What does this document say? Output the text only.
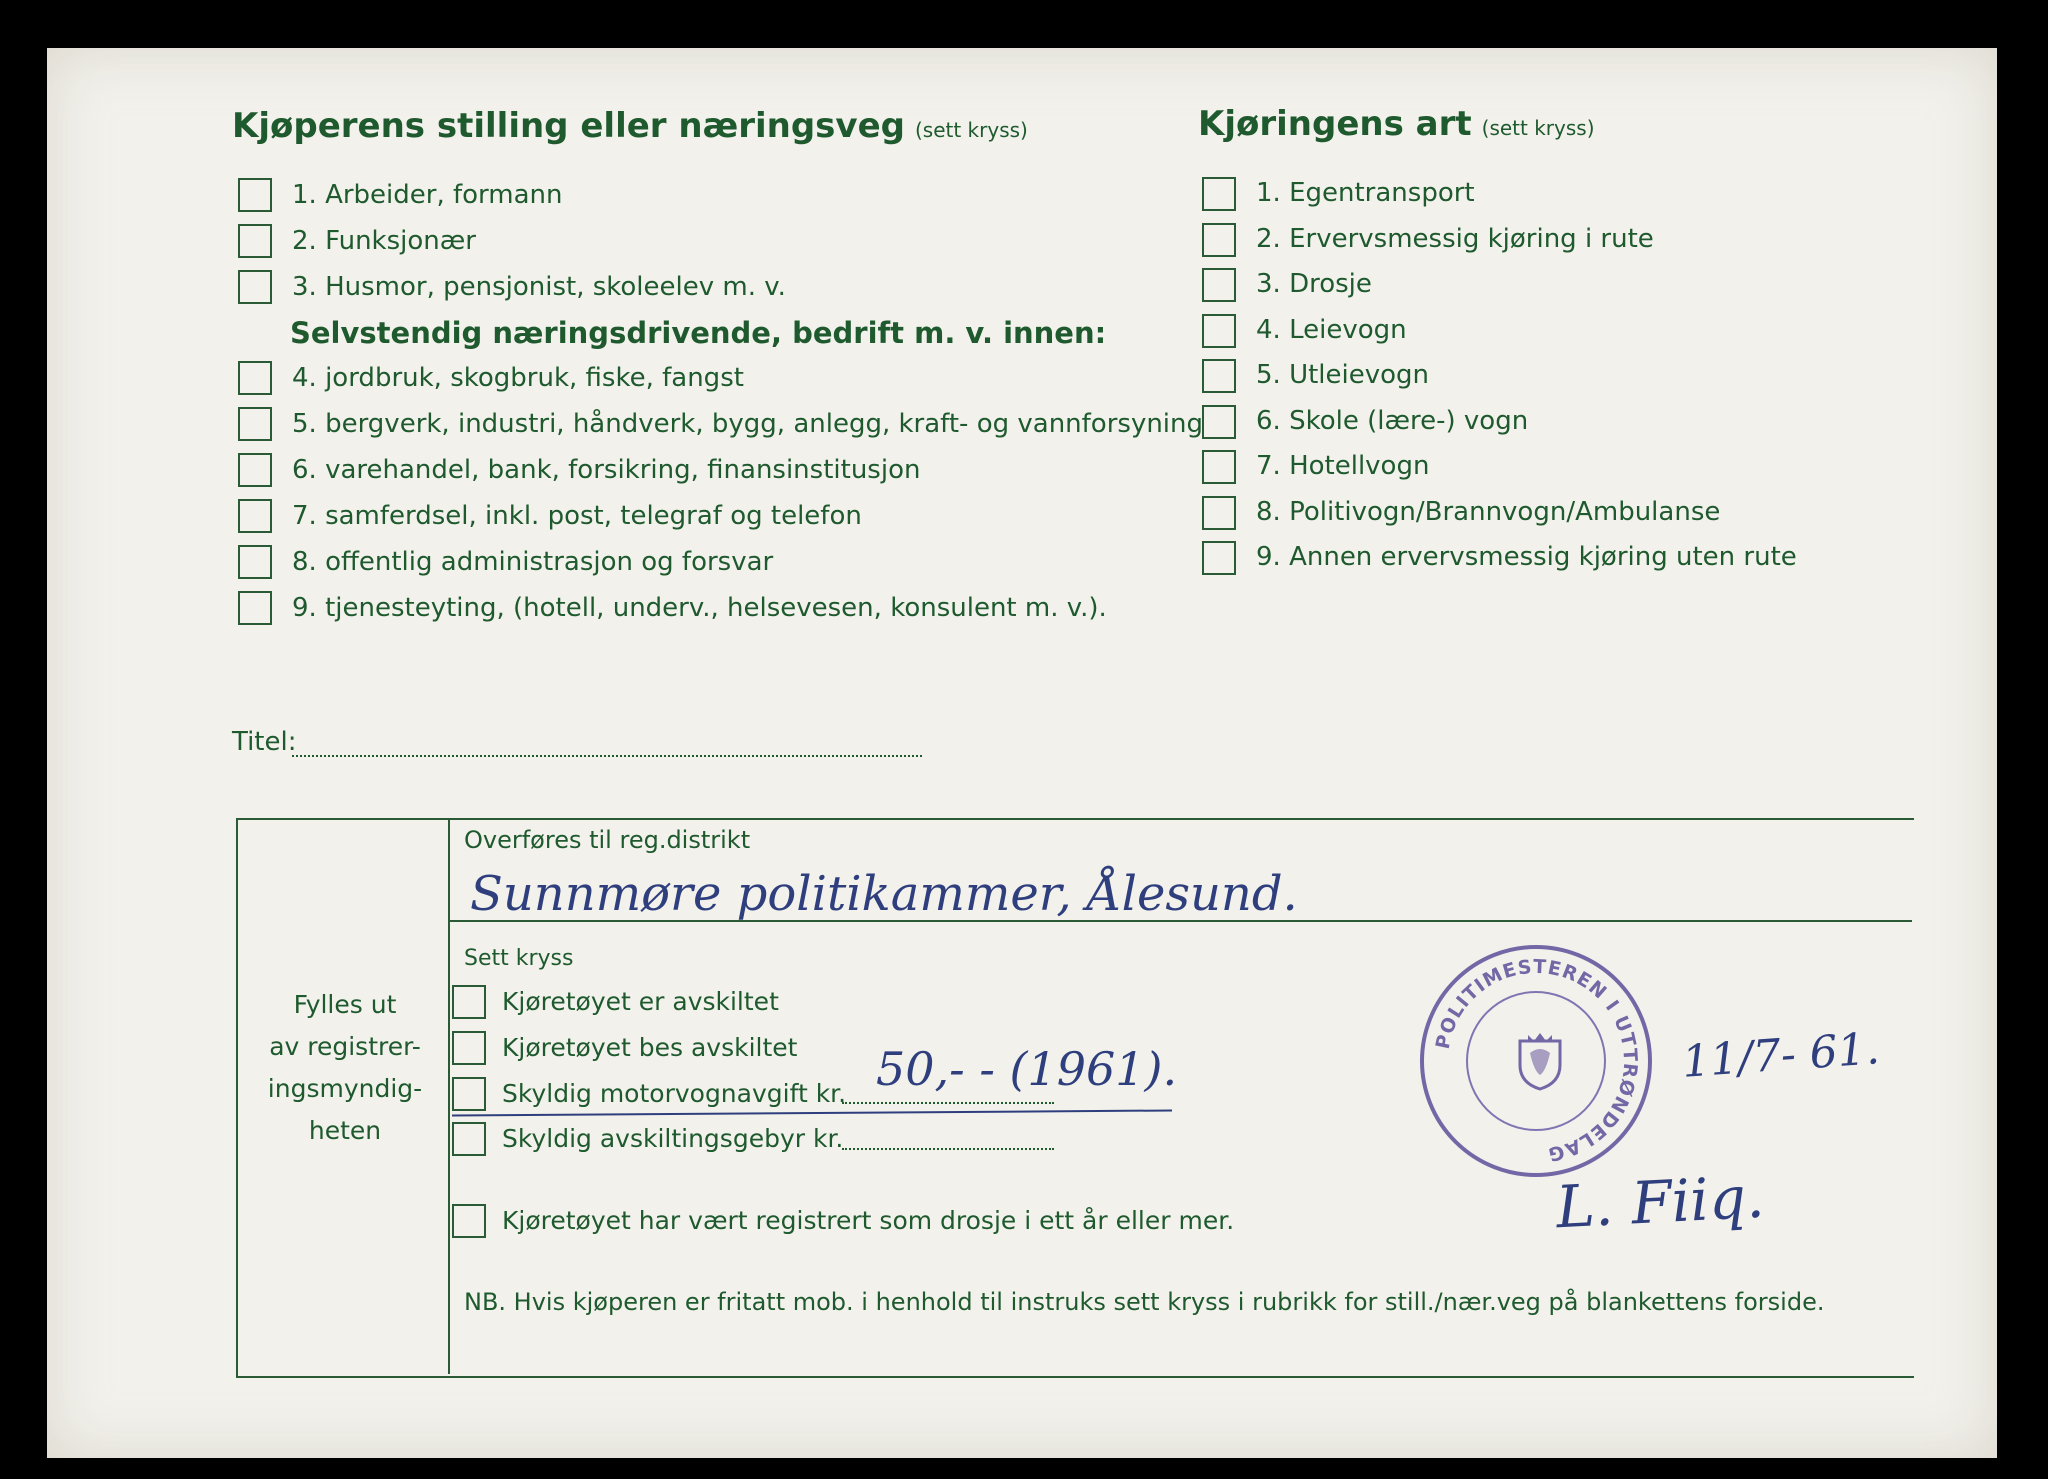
Kjøperens stilling eller næringsveg (sett kryss)
1. Arbeider, formann
2. Funksjonær
3. Husmor, pensjonist, skoleelev m. v.
Selvstendig næringsdrivende, bedrift m. v. innen:
4. jordbruk, skogbruk, fiske, fangst
5. bergverk, industri, håndverk, bygg, anlegg, kraft- og vannforsyning
6. varehandel, bank, forsikring, finansinstitusjon
7. samferdsel, inkl. post, telegraf og telefon
8. offentlig administrasjon og forsvar
9. tjenesteyting, (hotell, underv., helsevesen, konsulent m. v.).
Kjøringens art (sett kryss)
1. Egentransport
2. Ervervsmessig kjøring i rute
3. Drosje
4. Leievogn
5. Utleievogn
6. Skole (lære-) vogn
7. Hotellvogn
8. Politivogn/Brannvogn/Ambulanse
9. Annen ervervsmessig kjøring uten rute
Titel:
Fylles ut
av registrer-
ingsmyndig-
heten
Overføres til reg.distrikt
Sunnmøre politikammer, Ålesund.
Sett kryss
Kjøretøyet er avskiltet
Kjøretøyet bes avskiltet
Skyldig motorvognavgift kr. 50,- - (1961).
Skyldig avskiltingsgebyr kr.
Kjøretøyet har vært registrert som drosje i ett år eller mer.
NB. Hvis kjøperen er fritatt mob. i henhold til instruks sett kryss i rubrikk for still./nær.veg på blankettens forside.
POLITIMESTEREN I UTTRØNDELAG
11/7- 61.
L. Fiiq.
